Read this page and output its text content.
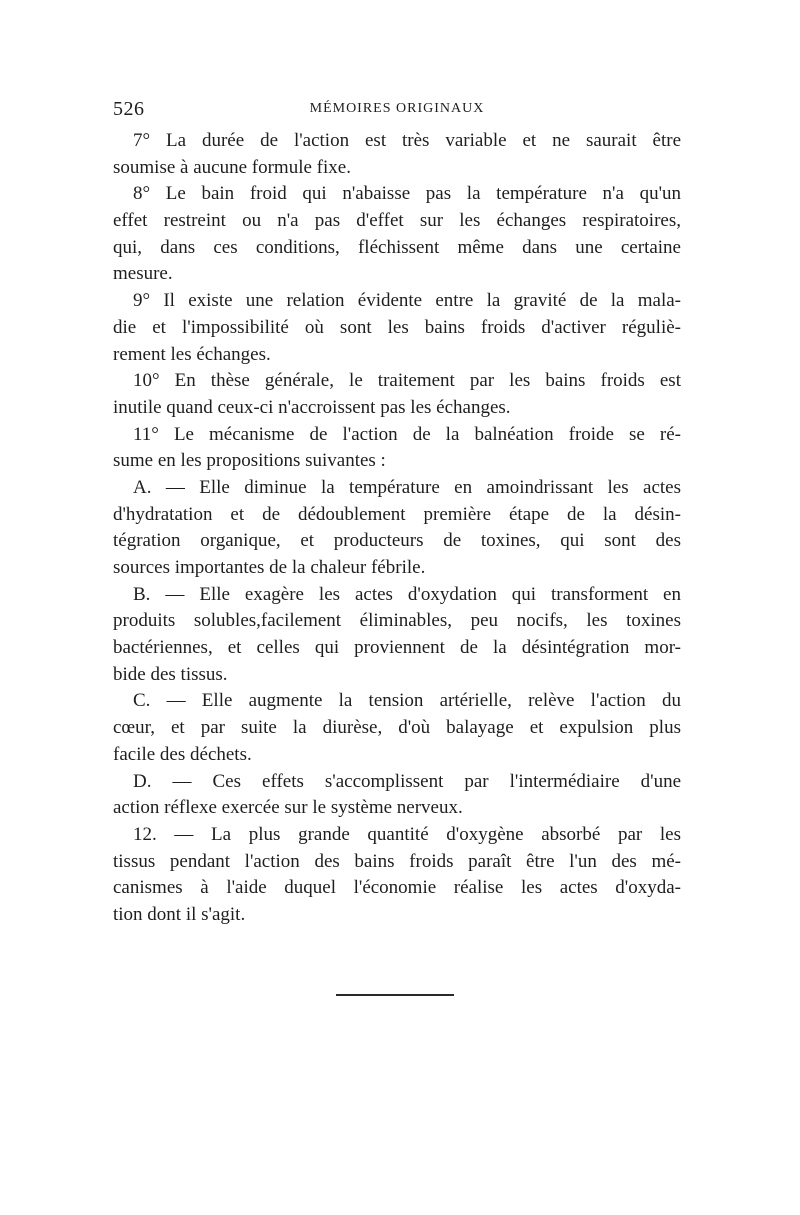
526	MÉMOIRES ORIGINAUX
7° La durée de l'action est très variable et ne saurait être
soumise à aucune formule fixe.
8° Le bain froid qui n'abaisse pas la température n'a qu'un
effet restreint ou n'a pas d'effet sur les échanges respiratoires,
qui, dans ces conditions, fléchissent même dans une certaine
mesure.
9° Il existe une relation évidente entre la gravité de la mala-
die et l'impossibilité où sont les bains froids d'activer réguliè-
rement les échanges.
10° En thèse générale, le traitement par les bains froids est
inutile quand ceux-ci n'accroissent pas les échanges.
11° Le mécanisme de l'action de la balnéation froide se ré-
sume en les propositions suivantes :
A. — Elle diminue la température en amoindrissant les actes
d'hydratation et de dédoublement première étape de la désin-
tégration organique, et producteurs de toxines, qui sont des
sources importantes de la chaleur fébrile.
B. — Elle exagère les actes d'oxydation qui transforment en
produits solubles,facilement éliminables, peu nocifs, les toxines
bactériennes, et celles qui proviennent de la désintégration mor-
bide des tissus.
C. — Elle augmente la tension artérielle, relève l'action du
cœur, et par suite la diurèse, d'où balayage et expulsion plus
facile des déchets.
D. — Ces effets s'accomplissent par l'intermédiaire d'une
action réflexe exercée sur le système nerveux.
12. — La plus grande quantité d'oxygène absorbé par les
tissus pendant l'action des bains froids paraît être l'un des mé-
canismes à l'aide duquel l'économie réalise les actes d'oxyda-
tion dont il s'agit.
